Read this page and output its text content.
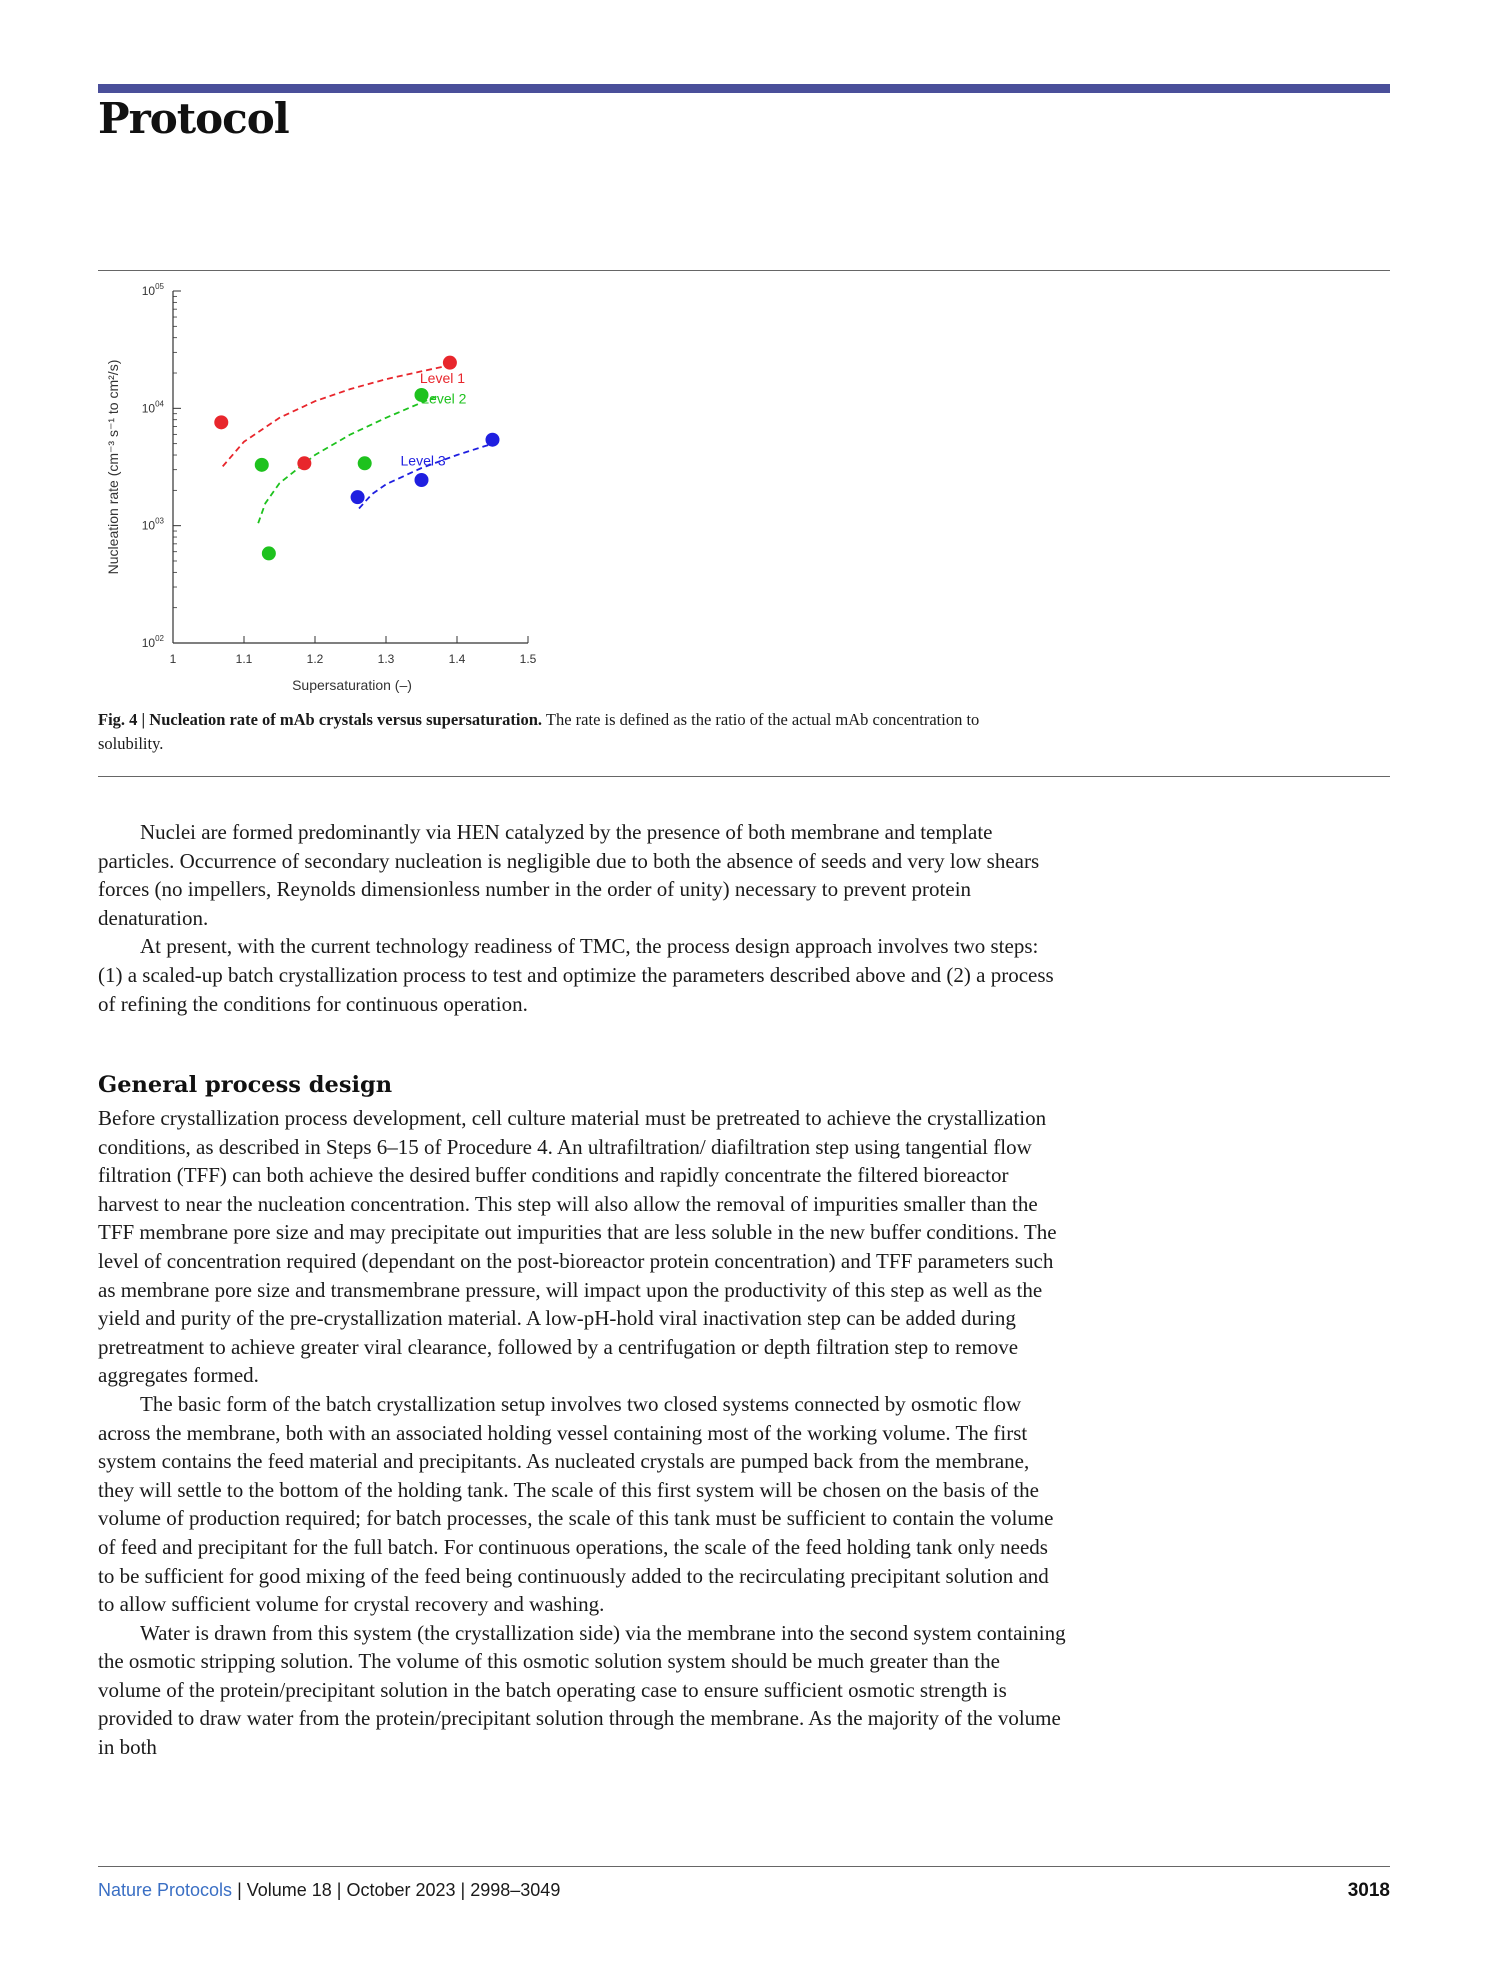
Protocol
$10^{02}$
$10^{03}$
$10^{04}$
$10^{05}$
1	1.1	1.2	1.3	1.4	1.5
Level 1
Level 2
Level 3
Supersaturation (–)
Nucleation rate (cm⁻³ s⁻¹ to cm²/s)

Fig. 4 | Nucleation rate of mAb crystals versus supersaturation. The rate is defined as the ratio of the actual mAb concentration to solubility.

Nuclei are formed predominantly via HEN catalyzed by the presence of both membrane and template particles. Occurrence of secondary nucleation is negligible due to both the absence of seeds and very low shears forces (no impellers, Reynolds dimensionless number in the order of unity) necessary to prevent protein denaturation.

At present, with the current technology readiness of TMC, the process design approach involves two steps: (1) a scaled-up batch crystallization process to test and optimize the parameters described above and (2) a process of refining the conditions for continuous operation.

General process design

Before crystallization process development, cell culture material must be pretreated to achieve the crystallization conditions, as described in Steps 6–15 of Procedure 4. An ultrafiltration/ diafiltration step using tangential flow filtration (TFF) can both achieve the desired buffer conditions and rapidly concentrate the filtered bioreactor harvest to near the nucleation concentration. This step will also allow the removal of impurities smaller than the TFF membrane pore size and may precipitate out impurities that are less soluble in the new buffer conditions. The level of concentration required (dependant on the post-bioreactor protein concentration) and TFF parameters such as membrane pore size and transmembrane pressure, will impact upon the productivity of this step as well as the yield and purity of the pre-crystallization material. A low-pH-hold viral inactivation step can be added during pretreatment to achieve greater viral clearance, followed by a centrifugation or depth filtration step to remove aggregates formed.

The basic form of the batch crystallization setup involves two closed systems connected by osmotic flow across the membrane, both with an associated holding vessel containing most of the working volume. The first system contains the feed material and precipitants. As nucleated crystals are pumped back from the membrane, they will settle to the bottom of the holding tank. The scale of this first system will be chosen on the basis of the volume of production required; for batch processes, the scale of this tank must be sufficient to contain the volume of feed and precipitant for the full batch. For continuous operations, the scale of the feed holding tank only needs to be sufficient for good mixing of the feed being continuously added to the recirculating precipitant solution and to allow sufficient volume for crystal recovery and washing.

Water is drawn from this system (the crystallization side) via the membrane into the second system containing the osmotic stripping solution. The volume of this osmotic solution system should be much greater than the volume of the protein/precipitant solution in the batch operating case to ensure sufficient osmotic strength is provided to draw water from the protein/precipitant solution through the membrane. As the majority of the volume in both

Nature Protocols | Volume 18 | October 2023 | 2998–3049	3018
